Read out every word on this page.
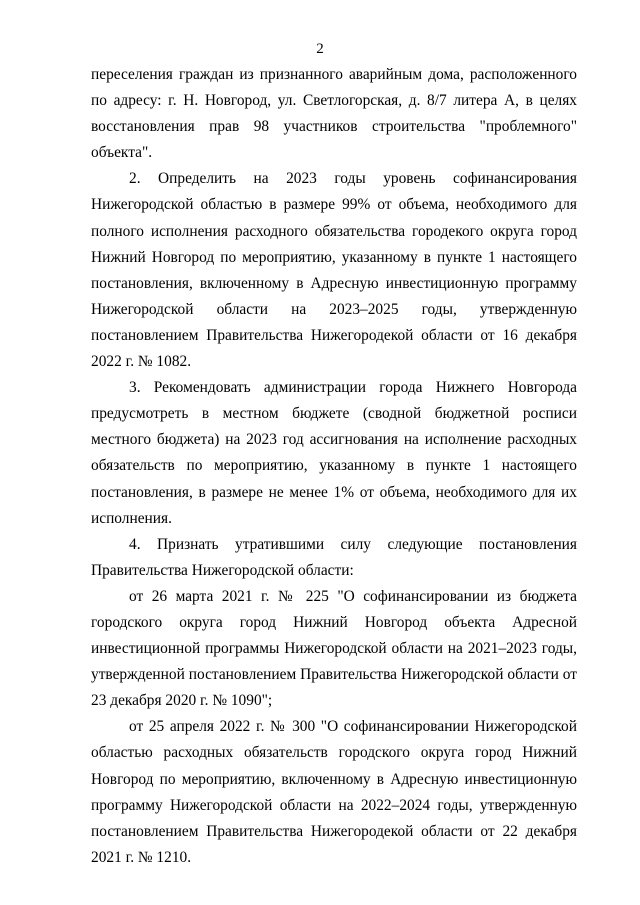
2

переселения граждан из признанного аварийным дома, расположенного по адресу: г. Н. Новгород, ул. Светлогорская, д. 8/7 литера А, в целях восстановления прав 98 участников строительства "проблемного" объекта".

2. Определить на 2023 годы уровень софинансирования Нижегородской областью в размере 99% от объема, необходимого для полного исполнения расходного обязательства городекого округа город Нижний Новгород по мероприятию, указанному в пункте 1 настоящего постановления, включенному в Адресную инвестиционную программу Нижегородской области на 2023–2025 годы, утвержденную постановлением Правительства Нижегородекой области от 16 декабря 2022 г. № 1082.

3. Рекомендовать администрации города Нижнего Новгорода предусмотреть в местном бюджете (сводной бюджетной росписи местного бюджета) на 2023 год ассигнования на исполнение расходных обязательств по мероприятию, указанному в пункте 1 настоящего постановления, в размере не менее 1% от объема, необходимого для их исполнения.

4. Признать утратившими силу следующие постановления Правительства Нижегородской области:

от 26 марта 2021 г. № 225 "О софинансировании из бюджета городского округа город Нижний Новгород объекта Адресной инвестиционной программы Нижегородской области на 2021–2023 годы, утвержденной постановлением Правительства Нижегородской области от 23 декабря 2020 г. № 1090";

от 25 апреля 2022 г. № 300 "О софинансировании Нижегородской областью расходных обязательств городского округа город Нижний Новгород по мероприятию, включенному в Адресную инвестиционную программу Нижегородской области на 2022–2024 годы, утвержденную постановлением Правительства Нижегородекой области от 22 декабря 2021 г. № 1210.
